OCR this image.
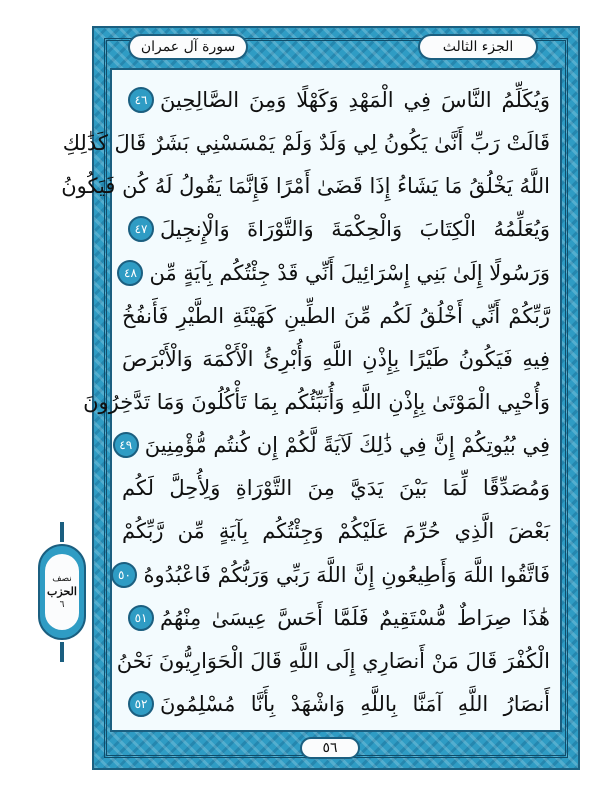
سورة آل عمران	الجزء الثالث
وَيُكَلِّمُ النَّاسَ فِي الْمَهْدِ وَكَهْلًا وَمِنَ الصَّالِحِينَ
٤٦
قَالَتْ رَبِّ أَنَّىٰ يَكُونُ لِي وَلَدٌ وَلَمْ يَمْسَسْنِي بَشَرٌ قَالَ كَذَٰلِكِ
اللَّهُ يَخْلُقُ مَا يَشَاءُ إِذَا قَضَىٰ أَمْرًا فَإِنَّمَا يَقُولُ لَهُ كُن فَيَكُونُ
وَيُعَلِّمُهُ الْكِتَابَ وَالْحِكْمَةَ وَالتَّوْرَاةَ وَالْإِنجِيلَ
٤٧
وَرَسُولًا إِلَىٰ بَنِي إِسْرَائِيلَ أَنِّي قَدْ جِئْتُكُم بِآيَةٍ مِّن
٤٨
رَّبِّكُمْ أَنِّي أَخْلُقُ لَكُم مِّنَ الطِّينِ كَهَيْئَةِ الطَّيْرِ فَأَنفُخُ
فِيهِ فَيَكُونُ طَيْرًا بِإِذْنِ اللَّهِ وَأُبْرِئُ الْأَكْمَهَ وَالْأَبْرَصَ
وَأُحْيِي الْمَوْتَىٰ بِإِذْنِ اللَّهِ وَأُنَبِّئُكُم بِمَا تَأْكُلُونَ وَمَا تَدَّخِرُونَ
فِي بُيُوتِكُمْ إِنَّ فِي ذَٰلِكَ لَآيَةً لَّكُمْ إِن كُنتُم مُّؤْمِنِينَ
٤٩
وَمُصَدِّقًا لِّمَا بَيْنَ يَدَيَّ مِنَ التَّوْرَاةِ وَلِأُحِلَّ لَكُم
بَعْضَ الَّذِي حُرِّمَ عَلَيْكُمْ وَجِئْتُكُم بِآيَةٍ مِّن رَّبِّكُمْ
فَاتَّقُوا اللَّهَ وَأَطِيعُونِ إِنَّ اللَّهَ رَبِّي وَرَبُّكُمْ فَاعْبُدُوهُ
٥٠
هَٰذَا صِرَاطٌ مُّسْتَقِيمٌ فَلَمَّا أَحَسَّ عِيسَىٰ مِنْهُمُ
٥١
الْكُفْرَ قَالَ مَنْ أَنصَارِي إِلَى اللَّهِ قَالَ الْحَوَارِيُّونَ نَحْنُ
أَنصَارُ اللَّهِ آمَنَّا بِاللَّهِ وَاشْهَدْ بِأَنَّا مُسْلِمُونَ
٥٢
٥٦
نصف
الحزب
٦
